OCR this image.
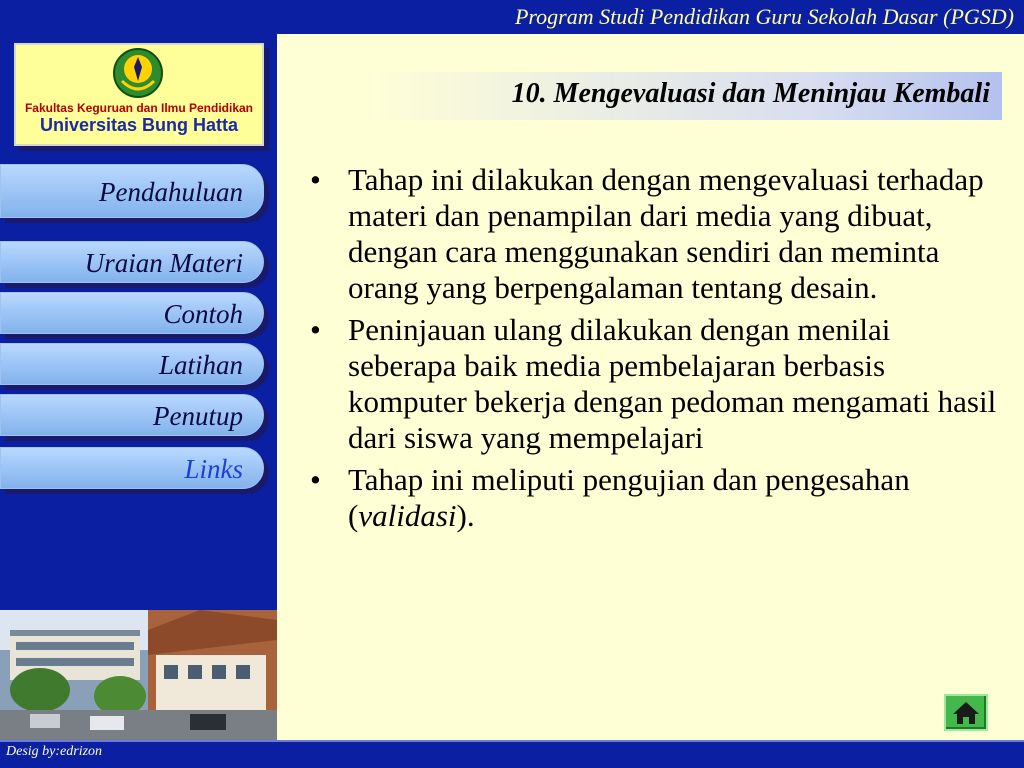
Fakultas Keguruan dan Ilmu Pendidikan
Universitas Bung Hatta
Pendahuluan
Uraian Materi
Contoh
Latihan
Penutup
Links
Desig by:edrizon
Program Studi Pendidikan Guru Sekolah Dasar (PGSD)
10. Mengevaluasi dan Meninjau Kembali
• Tahap ini dilakukan dengan mengevaluasi terhadap materi dan penampilan dari media yang dibuat, dengan cara menggunakan sendiri dan meminta orang yang berpengalaman tentang desain.
• Peninjauan ulang dilakukan dengan menilai seberapa baik media pembelajaran berbasis komputer bekerja dengan pedoman mengamati hasil dari siswa yang mempelajari
• Tahap ini meliputi pengujian dan pengesahan (validasi).
